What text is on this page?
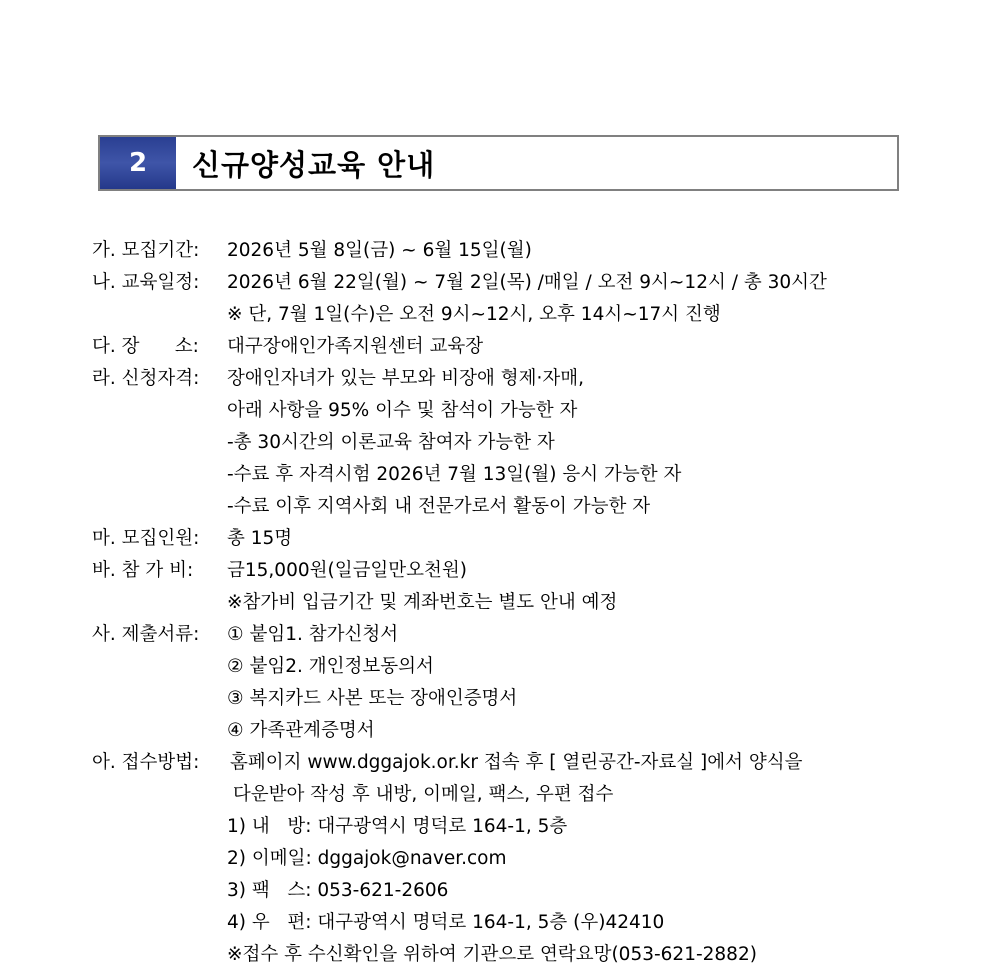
2	신규양성교육 안내
가. 모집기간: 2026년 5월 8일(금) ~ 6월 15일(월)
나. 교육일정: 2026년 6월 22일(월) ~ 7월 2일(목) /매일 / 오전 9시~12시 / 총 30시간
※ 단, 7월 1일(수)은 오전 9시~12시, 오후 14시~17시 진행
다. 장      소: 대구장애인가족지원센터 교육장
라. 신청자격: 장애인자녀가 있는 부모와 비장애 형제·자매,
아래 사항을 95% 이수 및 참석이 가능한 자
-총 30시간의 이론교육 참여자 가능한 자
-수료 후 자격시험 2026년 7월 13일(월) 응시 가능한 자
-수료 이후 지역사회 내 전문가로서 활동이 가능한 자
마. 모집인원: 총 15명
바. 참 가 비: 금15,000원(일금일만오천원)
※참가비 입금기간 및 계좌번호는 별도 안내 예정
사. 제출서류: ① 붙임1. 참가신청서
② 붙임2. 개인정보동의서
③ 복지카드 사본 또는 장애인증명서
④ 가족관계증명서
아. 접수방법: 홈페이지 www.dggajok.or.kr 접속 후 [ 열린공간-자료실 ]에서 양식을
다운받아 작성 후 내방, 이메일, 팩스, 우편 접수
1) 내   방: 대구광역시 명덕로 164-1, 5층
2) 이메일: dggajok@naver.com
3) 팩   스: 053-621-2606
4) 우   편: 대구광역시 명덕로 164-1, 5층 (우)42410
※접수 후 수신확인을 위하여 기관으로 연락요망(053-621-2882)
